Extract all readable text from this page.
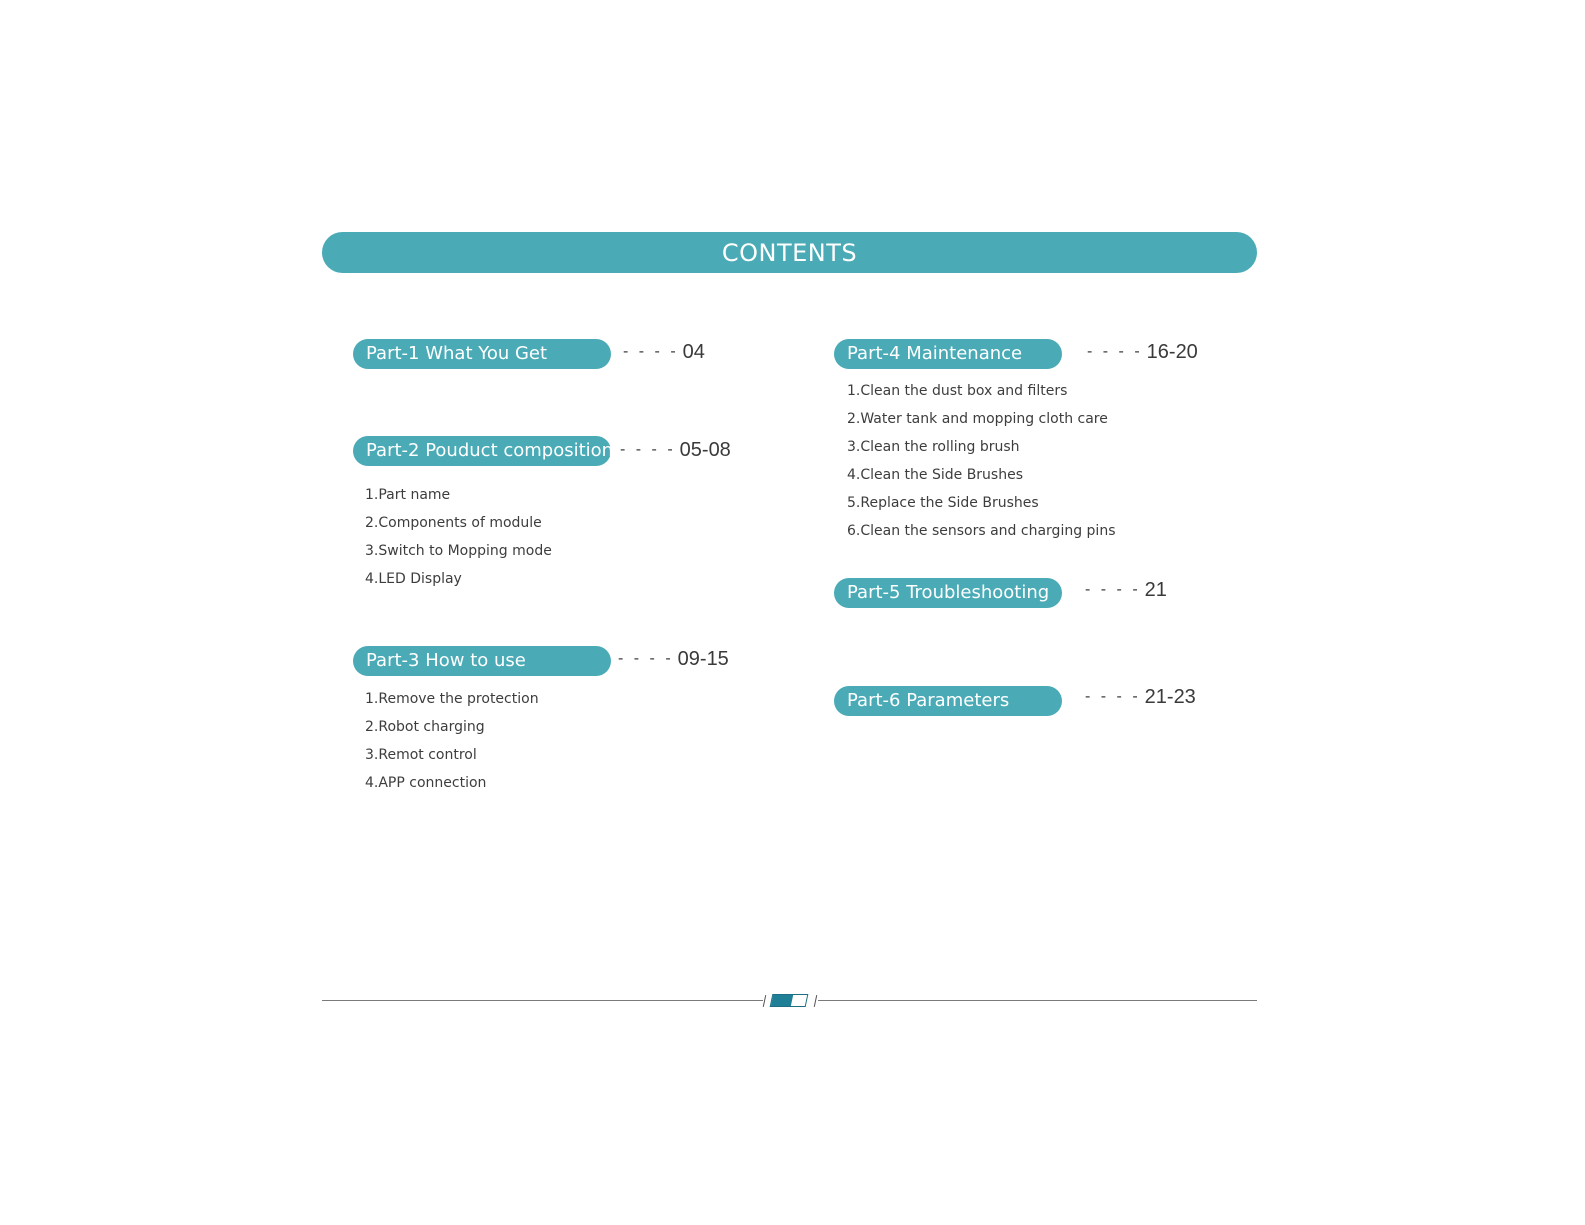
CONTENTS
Part-1 What You Get	- - - - 04
Part-2 Pouduct composition - - - - 05-08
1.Part name
2.Components of module
3.Switch to Mopping mode
4.LED Display
Part-3 How to use	- - - - 09-15
1.Remove the protection
2.Robot charging
3.Remot control
4.APP connection
Part-4 Maintenance	- - - - 16-20
1.Clean the dust box and filters
2.Water tank and mopping cloth care
3.Clean the rolling brush
4.Clean the Side Brushes
5.Replace the Side Brushes
6.Clean the sensors and charging pins
Part-5 Troubleshooting	- - - - 21
Part-6 Parameters	- - - - 21-23
